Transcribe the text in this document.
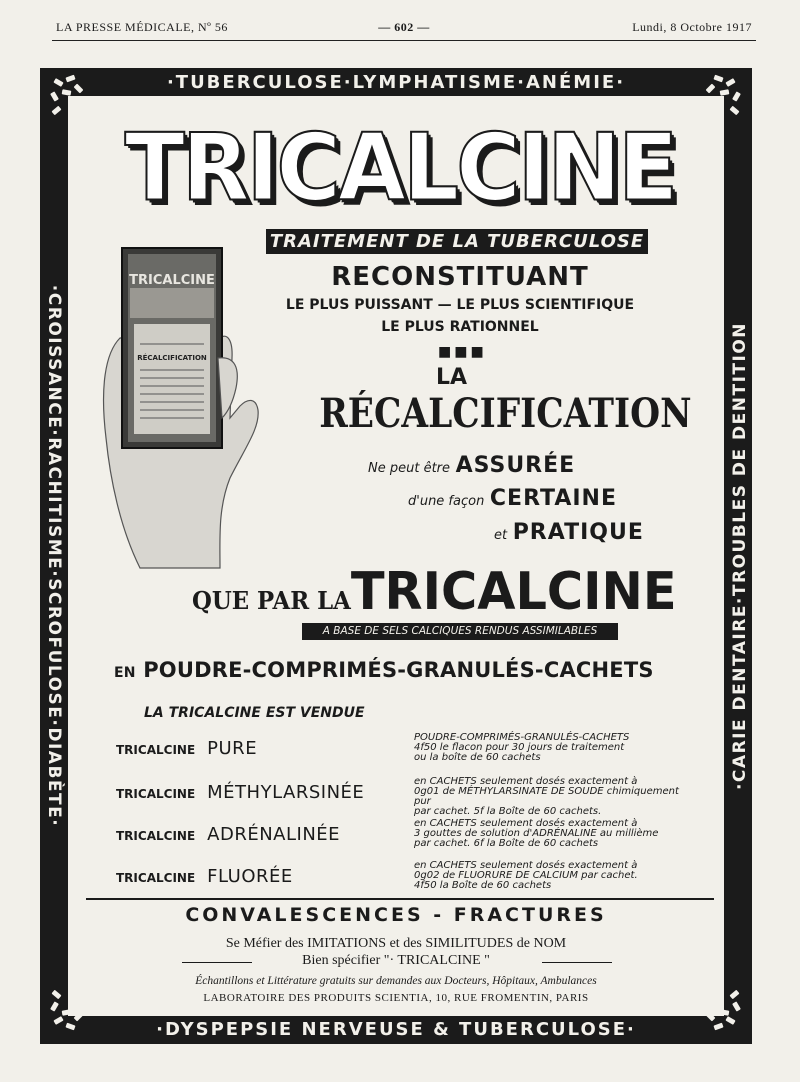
LA PRESSE MÉDICALE, Nº 56	— 602 —	Lundi, 8 Octobre 1917
·TUBERCULOSE·LYMPHATISME·ANÉMIE·
·DYSPEPSIE NERVEUSE & TUBERCULOSE·
·CROISSANCE·RACHITISME·SCROFULOSE·DIABÈTE·	·CARIE DENTAIRE·TROUBLES DE DENTITION
TRICALCINE
TRAITEMENT DE LA TUBERCULOSE
TRICALCINE
RÉCALCIFICATION
RECONSTITUANT
LE PLUS PUISSANT — LE PLUS SCIENTIFIQUE
LE PLUS RATIONNEL
■■■
LA
RÉCALCIFICATION
Ne peut être ASSURÉE
d'une façon CERTAINE
et PRATIQUE
QUE PAR LATRICALCINE
A BASE DE SELS CALCIQUES RENDUS ASSIMILABLES
EN POUDRE-COMPRIMÉS-GRANULÉS-CACHETS
LA TRICALCINE EST VENDUE
TRICALCINE PURE
POUDRE-COMPRIMÉS-GRANULÉS-CACHETS
4f50 le flacon pour 30 jours de traitement
ou la boîte de 60 cachets
TRICALCINE MÉTHYLARSINÉE
en CACHETS seulement dosés exactement à
0g01 de MÉTHYLARSINATE DE SOUDE chimiquement pur
par cachet. 5f la Boîte de 60 cachets.
TRICALCINE ADRÉNALINÉE
en CACHETS seulement dosés exactement à
3 gouttes de solution d'ADRÉNALINE au millième
par cachet. 6f la Boîte de 60 cachets
TRICALCINE FLUORÉE
en CACHETS seulement dosés exactement à
0g02 de FLUORURE DE CALCIUM par cachet.
4f50 la Boîte de 60 cachets
CONVALESCENCES - FRACTURES
Se Méfier des IMITATIONS et des SIMILITUDES de NOM
Bien spécifier "· TRICALCINE "
Échantillons et Littérature gratuits sur demandes aux Docteurs, Hôpitaux, Ambulances
LABORATOIRE DES PRODUITS SCIENTIA, 10, RUE FROMENTIN, PARIS
